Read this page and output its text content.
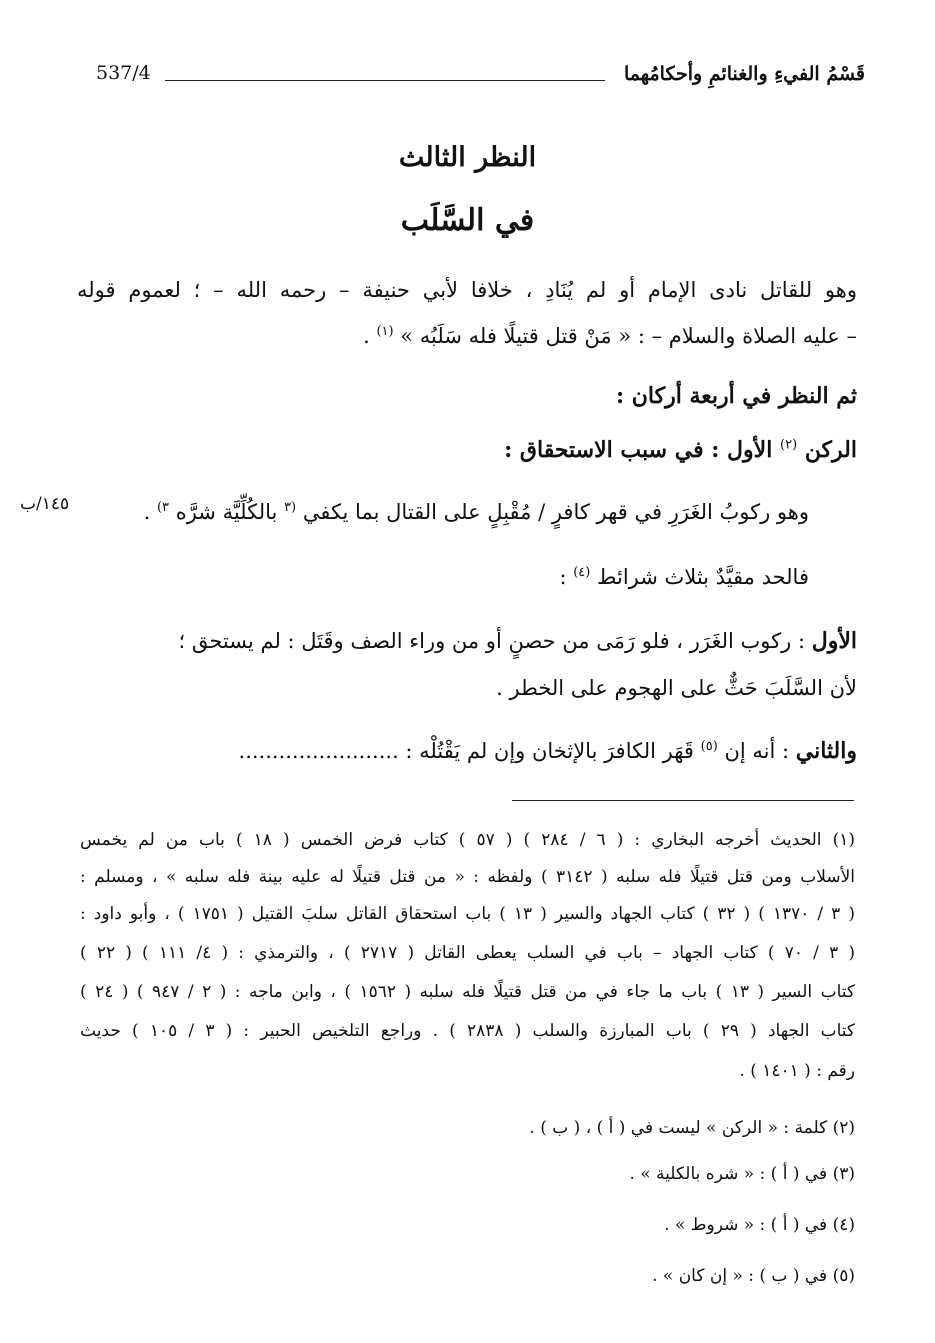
قَسْمُ الفيءِ والغنائمِ وأحكامُهما
537/4
النظر الثالث
في السَّلَب
وهو للقاتل نادى الإمام أو لم يُنَادِ ، خلافا لأبي حنيفة – رحمه الله – ؛ لعموم قوله
– عليه الصلاة والسلام – : « مَنْ قتل قتيلًا فله سَلَبُه » $^{(١)}$ .
ثم النظر في أربعة أركان :
الركن $^{(٢)}$ الأول : في سبب الاستحقاق :
وهو ركوبُ الغَرَرِ في قهر كافرٍ / مُقْبِلٍ على القتال بما يكفي $^{(٣}$ بالكُلِّيَّة شرَّه $^{٣)}$ .
١٤٥/ب
فالحد مقيَّدٌ بثلاث شرائط $^{(٤)}$ :
الأول : ركوب الغَرَر ، فلو رَمَى من حصنٍ أو من وراء الصف وقَتَل : لم يستحق ؛
لأن السَّلَبَ حَثٌّ على الهجوم على الخطر .
والثاني : أنه إن $^{(٥)}$ قَهَر الكافرَ بالإثخان وإن لم يَقْتُلْه : ........................
(١) الحديث أخرجه البخاري : ( ٦ / ٢٨٤ ) ( ٥٧ ) كتاب فرض الخمس ( ١٨ ) باب من لم يخمس
الأسلاب ومن قتل قتيلًا فله سلبه ( ٣١٤٢ ) ولفظه : « من قتل قتيلًا له عليه بينة فله سلبه » ، ومسلم :
( ٣ / ١٣٧٠ ) ( ٣٢ ) كتاب الجهاد والسير ( ١٣ ) باب استحقاق القاتل سلبَ القتيل ( ١٧٥١ ) ، وأبو داود :
( ٣ / ٧٠ ) كتاب الجهاد – باب في السلب يعطى القاتل ( ٢٧١٧ ) ، والترمذي : ( ٤/ ١١١ ) ( ٢٢ )
كتاب السير ( ١٣ ) باب ما جاء في من قتل قتيلًا فله سلبه ( ١٥٦٢ ) ، وابن ماجه : ( ٢ / ٩٤٧ ) ( ٢٤ )
كتاب الجهاد ( ٢٩ ) باب المبارزة والسلب ( ٢٨٣٨ ) . وراجع التلخيص الحبير : ( ٣ / ١٠٥ ) حديث
رقم : ( ١٤٠١ ) .
(٢) كلمة : « الركن » ليست في ( أ ) ، ( ب ) .
(٣) في ( أ ) : « شره بالكلية » .
(٤) في ( أ ) : « شروط » .
(٥) في ( ب ) : « إن كان » .
